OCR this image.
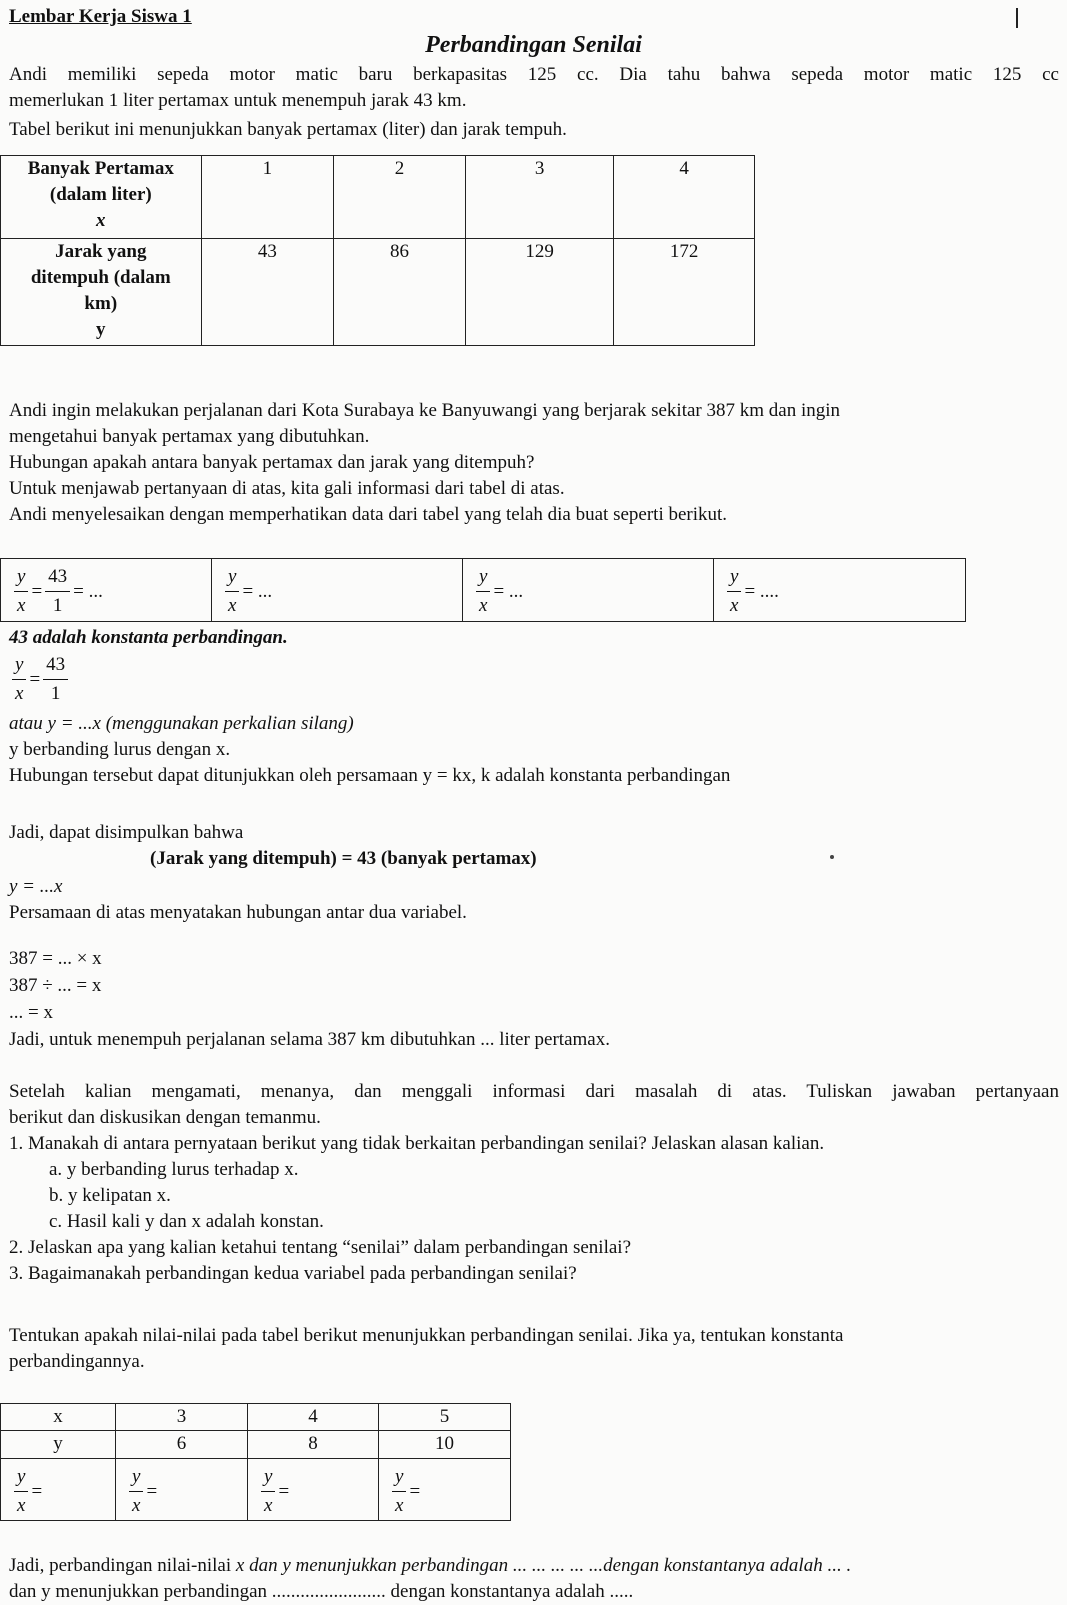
Lembar Kerja Siswa 1
Perbandingan Senilai
Andi memiliki sepeda motor matic baru berkapasitas 125 cc. Dia tahu bahwa sepeda motor matic 125 cc
memerlukan 1 liter pertamax untuk menempuh jarak 43 km.
Tabel berikut ini menunjukkan banyak pertamax (liter) dan jarak tempuh.
Banyak Pertamax
(dalam liter)
x	1	2	3	4

Jarak yang
ditempuh (dalam
km)
y	43	86	129	172
Andi ingin melakukan perjalanan dari Kota Surabaya ke Banyuwangi yang berjarak sekitar 387 km dan ingin
mengetahui banyak pertamax yang dibutuhkan.
Hubungan apakah antara banyak pertamax dan jarak yang ditempuh?
Untuk menjawab pertanyaan di atas, kita gali informasi dari tabel di atas.
Andi menyelesaikan dengan memperhatikan data dari tabel yang telah dia buat seperti berikut.
$\frac{y}{x} = \frac{43}{1}$ = ...	$\frac{y}{x}$ = ...	$\frac{y}{x}$ = ...	$\frac{y}{x}$ = ....
43 adalah konstanta perbandingan.
$\frac{y}{x} = \frac{43}{1}$
atau y = ...x (menggunakan perkalian silang)
y berbanding lurus dengan x.
Hubungan tersebut dapat ditunjukkan oleh persamaan y = kx, k adalah konstanta perbandingan
Jadi, dapat disimpulkan bahwa
(Jarak yang ditempuh) = 43 (banyak pertamax)
y = ...x
Persamaan di atas menyatakan hubungan antar dua variabel.
387 = ... × x
387 ÷ ... = x
... = x
Jadi, untuk menempuh perjalanan selama 387 km dibutuhkan ... liter pertamax.
Setelah kalian mengamati, menanya, dan menggali informasi dari masalah di atas. Tuliskan jawaban pertanyaan
berikut dan diskusikan dengan temanmu.
1. Manakah di antara pernyataan berikut yang tidak berkaitan perbandingan senilai? Jelaskan alasan kalian.
a. y berbanding lurus terhadap x.
b. y kelipatan x.
c. Hasil kali y dan x adalah konstan.
2. Jelaskan apa yang kalian ketahui tentang “senilai” dalam perbandingan senilai?
3. Bagaimanakah perbandingan kedua variabel pada perbandingan senilai?
Tentukan apakah nilai-nilai pada tabel berikut menunjukkan perbandingan senilai. Jika ya, tentukan konstanta
perbandingannya.
x	3	4	5
y	6	8	10

$\frac{y}{x}$ =	$\frac{y}{x}$ =	$\frac{y}{x}$ =	$\frac{y}{x}$ =
Jadi, perbandingan nilai-nilai x dan y menunjukkan perbandingan ... ... ... ... ...dengan konstantanya adalah ... .
dan y menunjukkan perbandingan ........................ dengan konstantanya adalah .....
